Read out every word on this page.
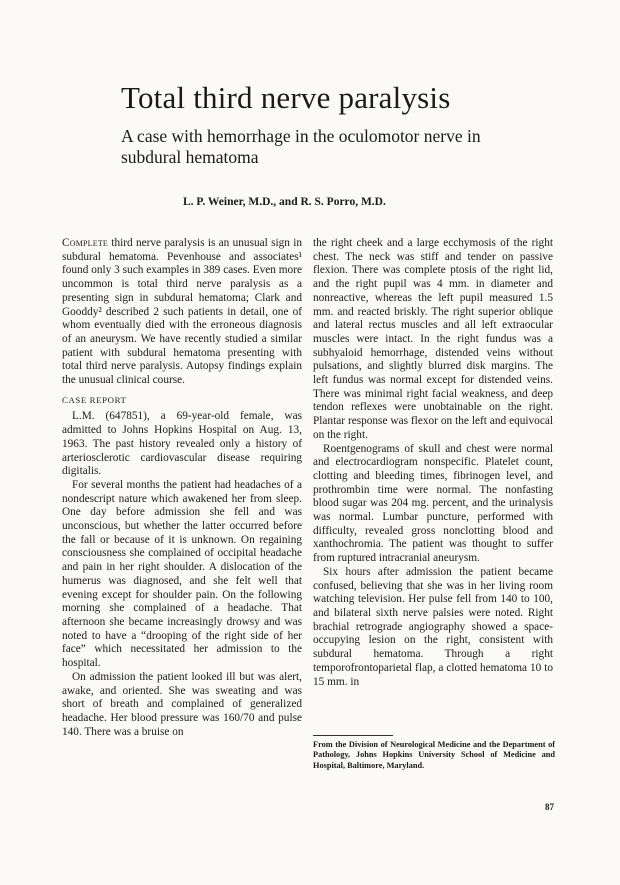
Total third nerve paralysis
A case with hemorrhage in the oculomotor nerve in subdural hematoma
L. P. Weiner, M.D., and R. S. Porro, M.D.

Complete third nerve paralysis is an unusual sign in subdural hematoma. Pevenhouse and associates¹ found only 3 such examples in 389 cases. Even more uncommon is total third nerve paralysis as a presenting sign in subdural hematoma; Clark and Gooddy² described 2 such patients in detail, one of whom eventually died with the erroneous diagnosis of an aneurysm. We have recently studied a similar patient with subdural hematoma presenting with total third nerve paralysis. Autopsy findings explain the unusual clinical course.

CASE REPORT

L.M. (647851), a 69-year-old female, was admitted to Johns Hopkins Hospital on Aug. 13, 1963. The past history revealed only a history of arteriosclerotic cardiovascular disease requiring digitalis.

For several months the patient had headaches of a nondescript nature which awakened her from sleep. One day before admission she fell and was unconscious, but whether the latter occurred before the fall or because of it is unknown. On regaining consciousness she complained of occipital headache and pain in her right shoulder. A dislocation of the humerus was diagnosed, and she felt well that evening except for shoulder pain. On the following morning she complained of a headache. That afternoon she became increasingly drowsy and was noted to have a “drooping of the right side of her face” which necessitated her admission to the hospital.

On admission the patient looked ill but was alert, awake, and oriented. She was sweating and was short of breath and complained of generalized headache. Her blood pressure was 160/70 and pulse 140. There was a bruise on

the right cheek and a large ecchymosis of the right chest. The neck was stiff and tender on passive flexion. There was complete ptosis of the right lid, and the right pupil was 4 mm. in diameter and nonreactive, whereas the left pupil measured 1.5 mm. and reacted briskly. The right superior oblique and lateral rectus muscles and all left extraocular muscles were intact. In the right fundus was a subhyaloid hemorrhage, distended veins without pulsations, and slightly blurred disk margins. The left fundus was normal except for distended veins. There was minimal right facial weakness, and deep tendon reflexes were unobtainable on the right. Plantar response was flexor on the left and equivocal on the right.

Roentgenograms of skull and chest were normal and electrocardiogram nonspecific. Platelet count, clotting and bleeding times, fibrinogen level, and prothrombin time were normal. The nonfasting blood sugar was 204 mg. percent, and the urinalysis was normal. Lumbar puncture, performed with difficulty, revealed gross nonclotting blood and xanthochromia. The patient was thought to suffer from ruptured intracranial aneurysm.

Six hours after admission the patient became confused, believing that she was in her living room watching television. Her pulse fell from 140 to 100, and bilateral sixth nerve palsies were noted. Right brachial retrograde angiography showed a space-occupying lesion on the right, consistent with subdural hematoma. Through a right temporofrontoparietal flap, a clotted hematoma 10 to 15 mm. in

From the Division of Neurological Medicine and the Department of Pathology, Johns Hopkins University School of Medicine and Hospital, Baltimore, Maryland.
87
